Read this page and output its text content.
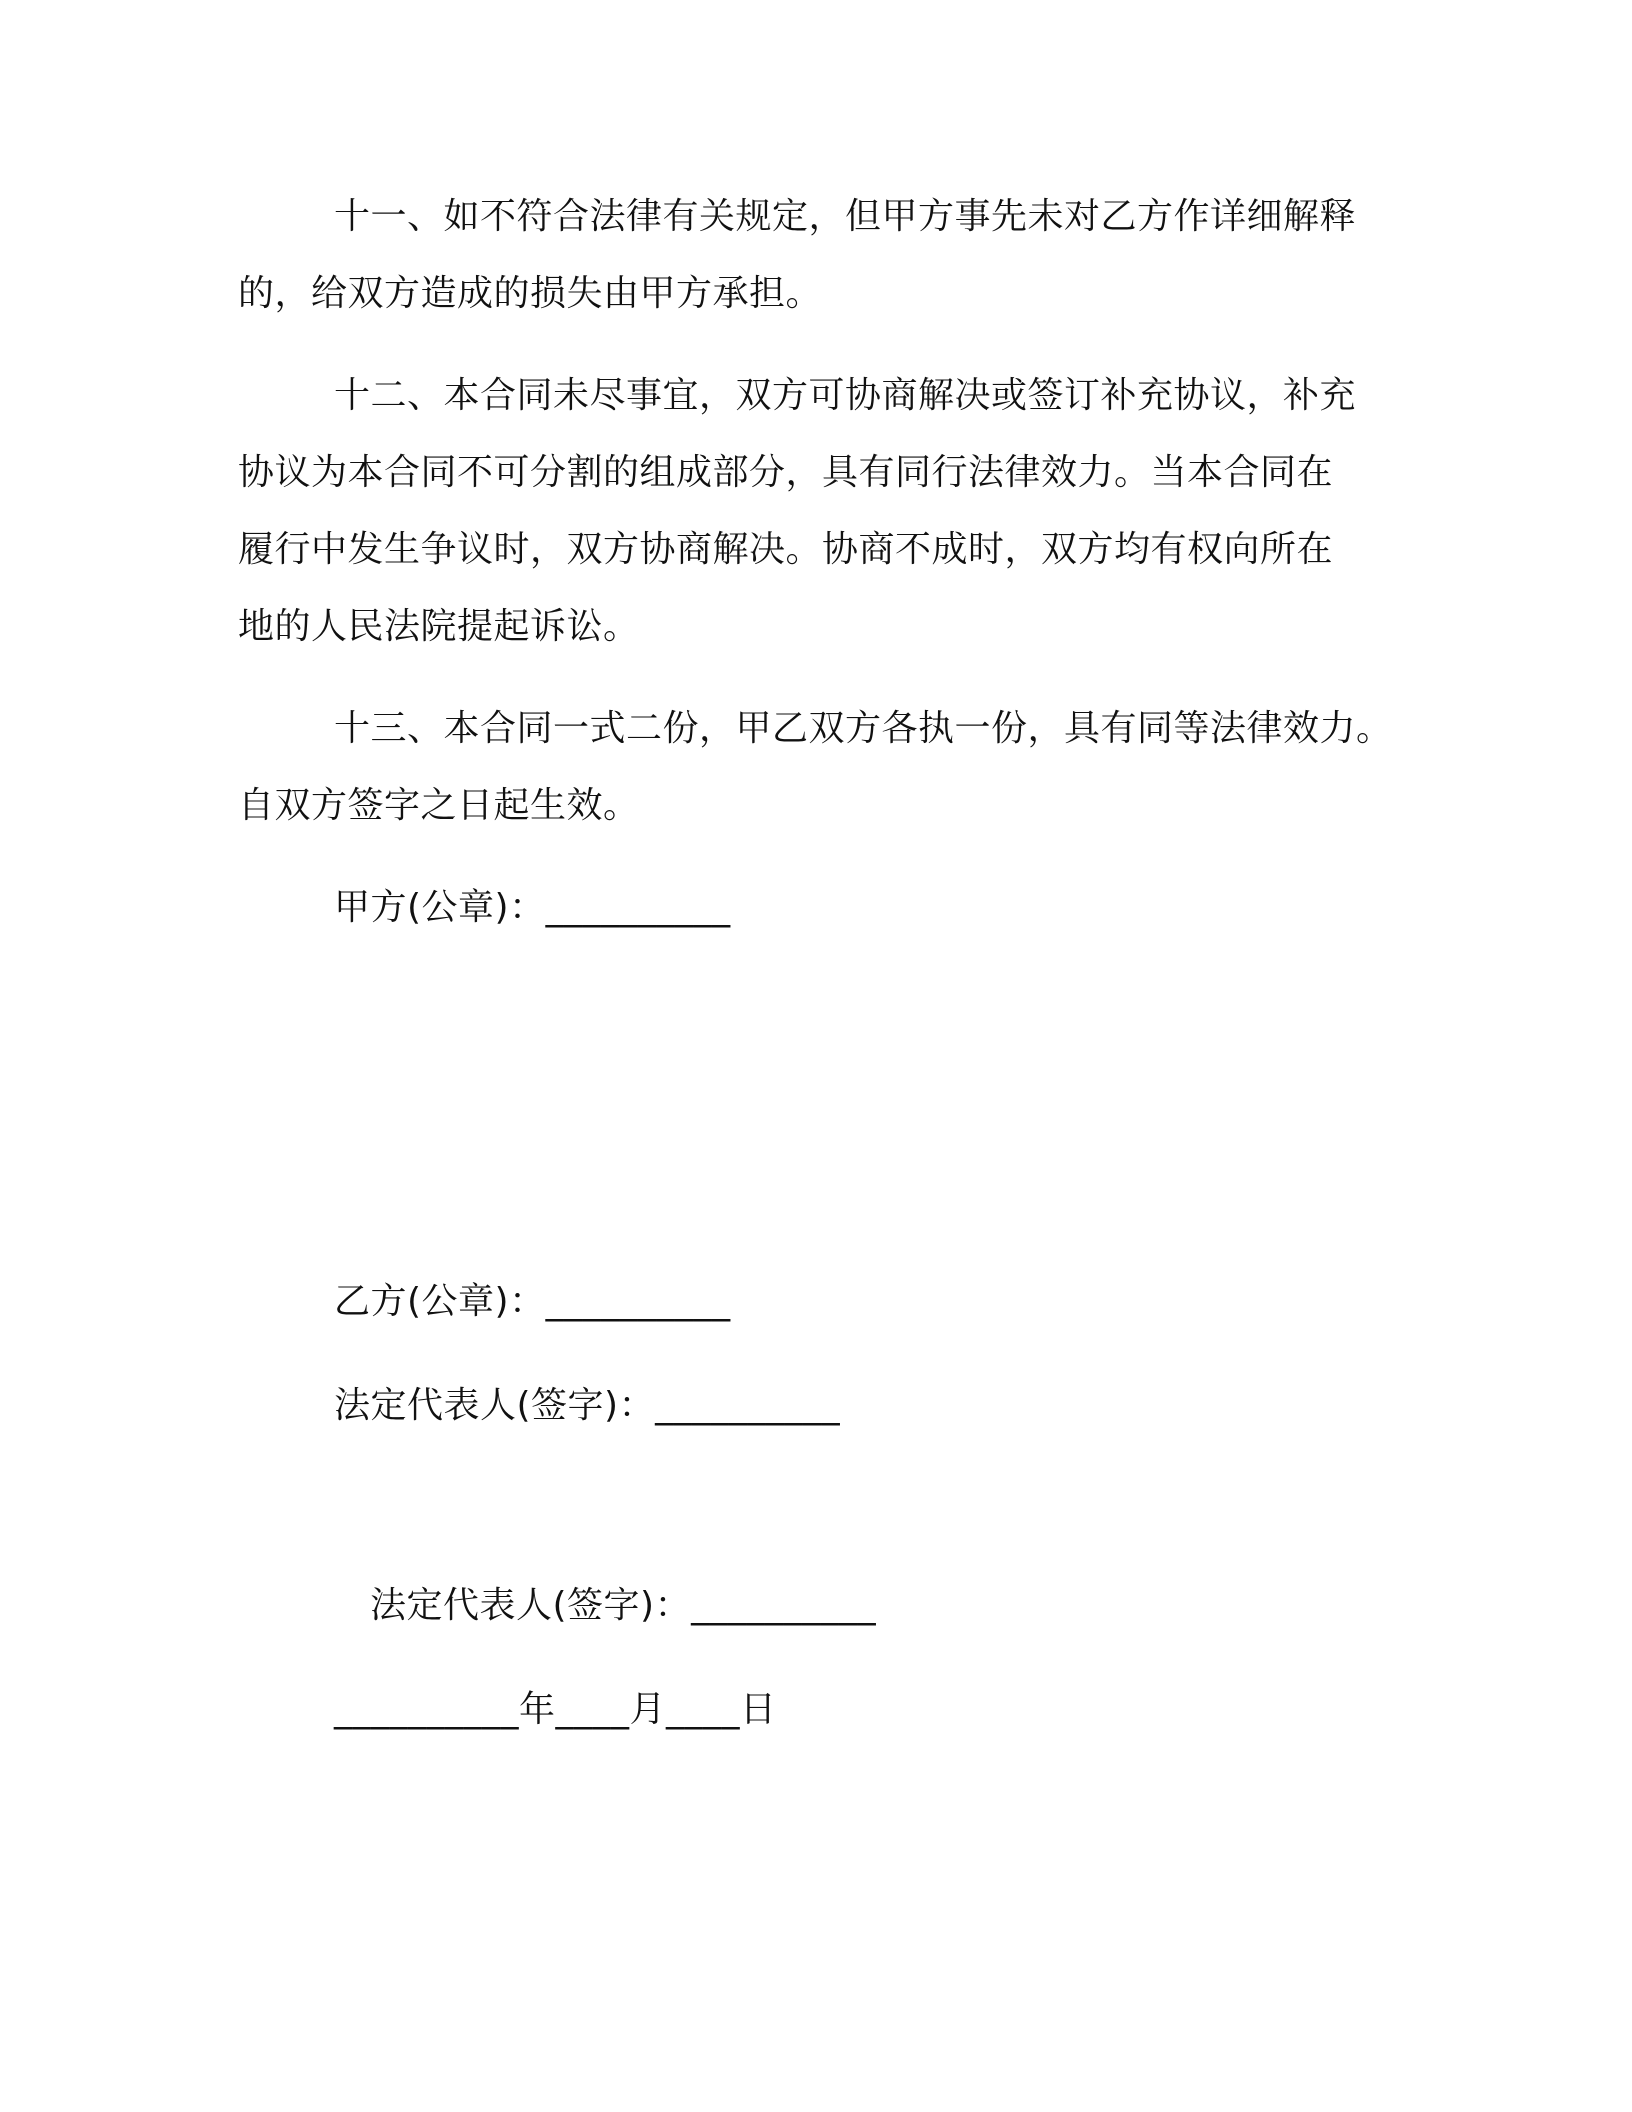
十一、如不符合法律有关规定，但甲方事先未对乙方作详细解释
的，给双方造成的损失由甲方承担。
十二、本合同未尽事宜，双方可协商解决或签订补充协议，补充
协议为本合同不可分割的组成部分，具有同行法律效力。当本合同在
履行中发生争议时，双方协商解决。协商不成时，双方均有权向所在
地的人民法院提起诉讼。
十三、本合同一式二份，甲乙双方各执一份，具有同等法律效力。
自双方签字之日起生效。
甲方(公章)：__________
乙方(公章)：__________
法定代表人(签字)：__________
法定代表人(签字)：__________
__________年____月____日
